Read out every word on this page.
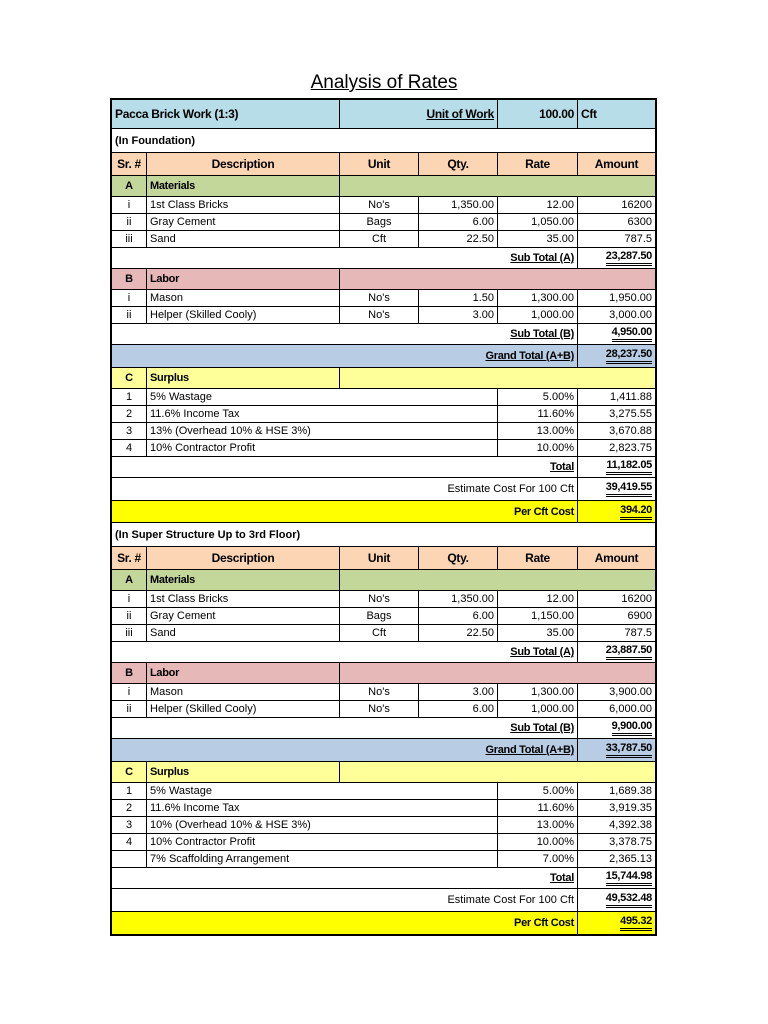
Analysis of Rates
Pacca Brick Work (1:3)	Unit of Work	100.00 Cft
(In Foundation)
Sr. #	Description	Unit	Qty.	Rate	Amount
A	Materials
i	1st Class Bricks	No's	1,350.00	12.00	16200
ii	Gray Cement	Bags	6.00	1,050.00	6300
iii	Sand	Cft	22.50	35.00	787.5
Sub Total (A)	23,287.50
B	Labor
i	Mason	No's	1.50	1,300.00	1,950.00
ii	Helper (Skilled Cooly)	No's	3.00	1,000.00	3,000.00
Sub Total (B)	4,950.00
Grand Total (A+B)	28,237.50
C	Surplus
1	5% Wastage	5.00%	1,411.88
2	11.6% Income Tax	11.60%	3,275.55
3	13% (Overhead 10% & HSE 3%)	13.00%	3,670.88
4	10% Contractor Profit	10.00%	2,823.75
Total	11,182.05
Estimate Cost For 100 Cft	39,419.55
Per Cft Cost	394.20
(In Super Structure Up to 3rd Floor)
Sr. #	Description	Unit	Qty.	Rate	Amount
A	Materials
i	1st Class Bricks	No's	1,350.00	12.00	16200
ii	Gray Cement	Bags	6.00	1,150.00	6900
iii	Sand	Cft	22.50	35.00	787.5
Sub Total (A)	23,887.50
B	Labor
i	Mason	No's	3.00	1,300.00	3,900.00
ii	Helper (Skilled Cooly)	No's	6.00	1,000.00	6,000.00
Sub Total (B)	9,900.00
Grand Total (A+B)	33,787.50
C	Surplus
1	5% Wastage	5.00%	1,689.38
2	11.6% Income Tax	11.60%	3,919.35
3	10% (Overhead 10% & HSE 3%)	13.00%	4,392.38
4	10% Contractor Profit	10.00%	3,378.75
7% Scaffolding Arrangement	7.00%	2,365.13
Total	15,744.98
Estimate Cost For 100 Cft	49,532.48
Per Cft Cost	495.32
